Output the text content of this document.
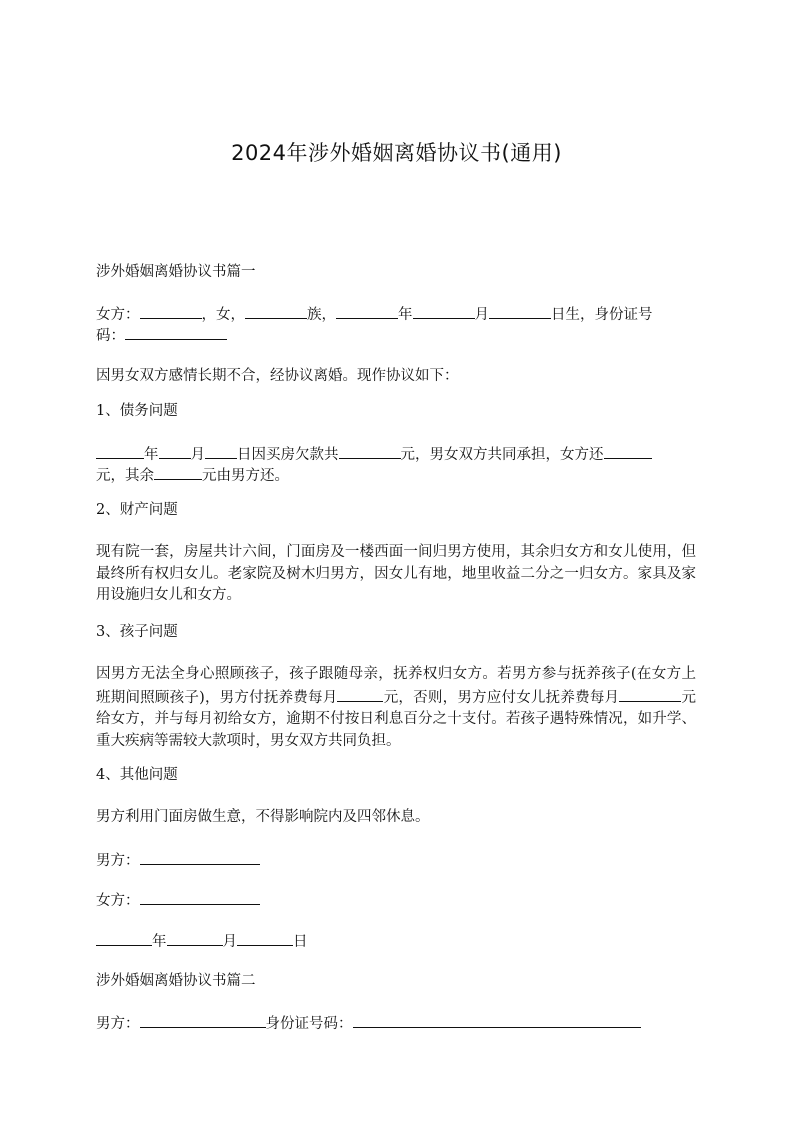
2024年涉外婚姻离婚协议书(通用)
涉外婚姻离婚协议书篇一
女方：	，女，	族，	年	月	日生，身份证号
码：
因男女双方感情长期不合，经协议离婚。现作协议如下：
1、债务问题
年 月 日因买房欠款共	元，男女双方共同承担，女方还
元，其余	元由男方还。
2、财产问题
现有院一套，房屋共计六间，门面房及一楼西面一间归男方使用，其余归女方和女儿使用，但最终所有权归女儿。老家院及树木归男方，因女儿有地，地里收益二分之一归女方。家具及家用设施归女儿和女方。
3、孩子问题
因男方无法全身心照顾孩子，孩子跟随母亲，抚养权归女方。若男方参与抚养孩子(在女方上班期间照顾孩子)，男方付抚养费每月	元，否则，男方应付女儿抚养费每月	元给女方，并与每月初给女方，逾期不付按日利息百分之十支付。若孩子遇特殊情况，如升学、重大疾病等需较大款项时，男女双方共同负担。
4、其他问题
男方利用门面房做生意，不得影响院内及四邻休息。
男方：
女方：
年	月	日
涉外婚姻离婚协议书篇二
男方：	身份证号码：
